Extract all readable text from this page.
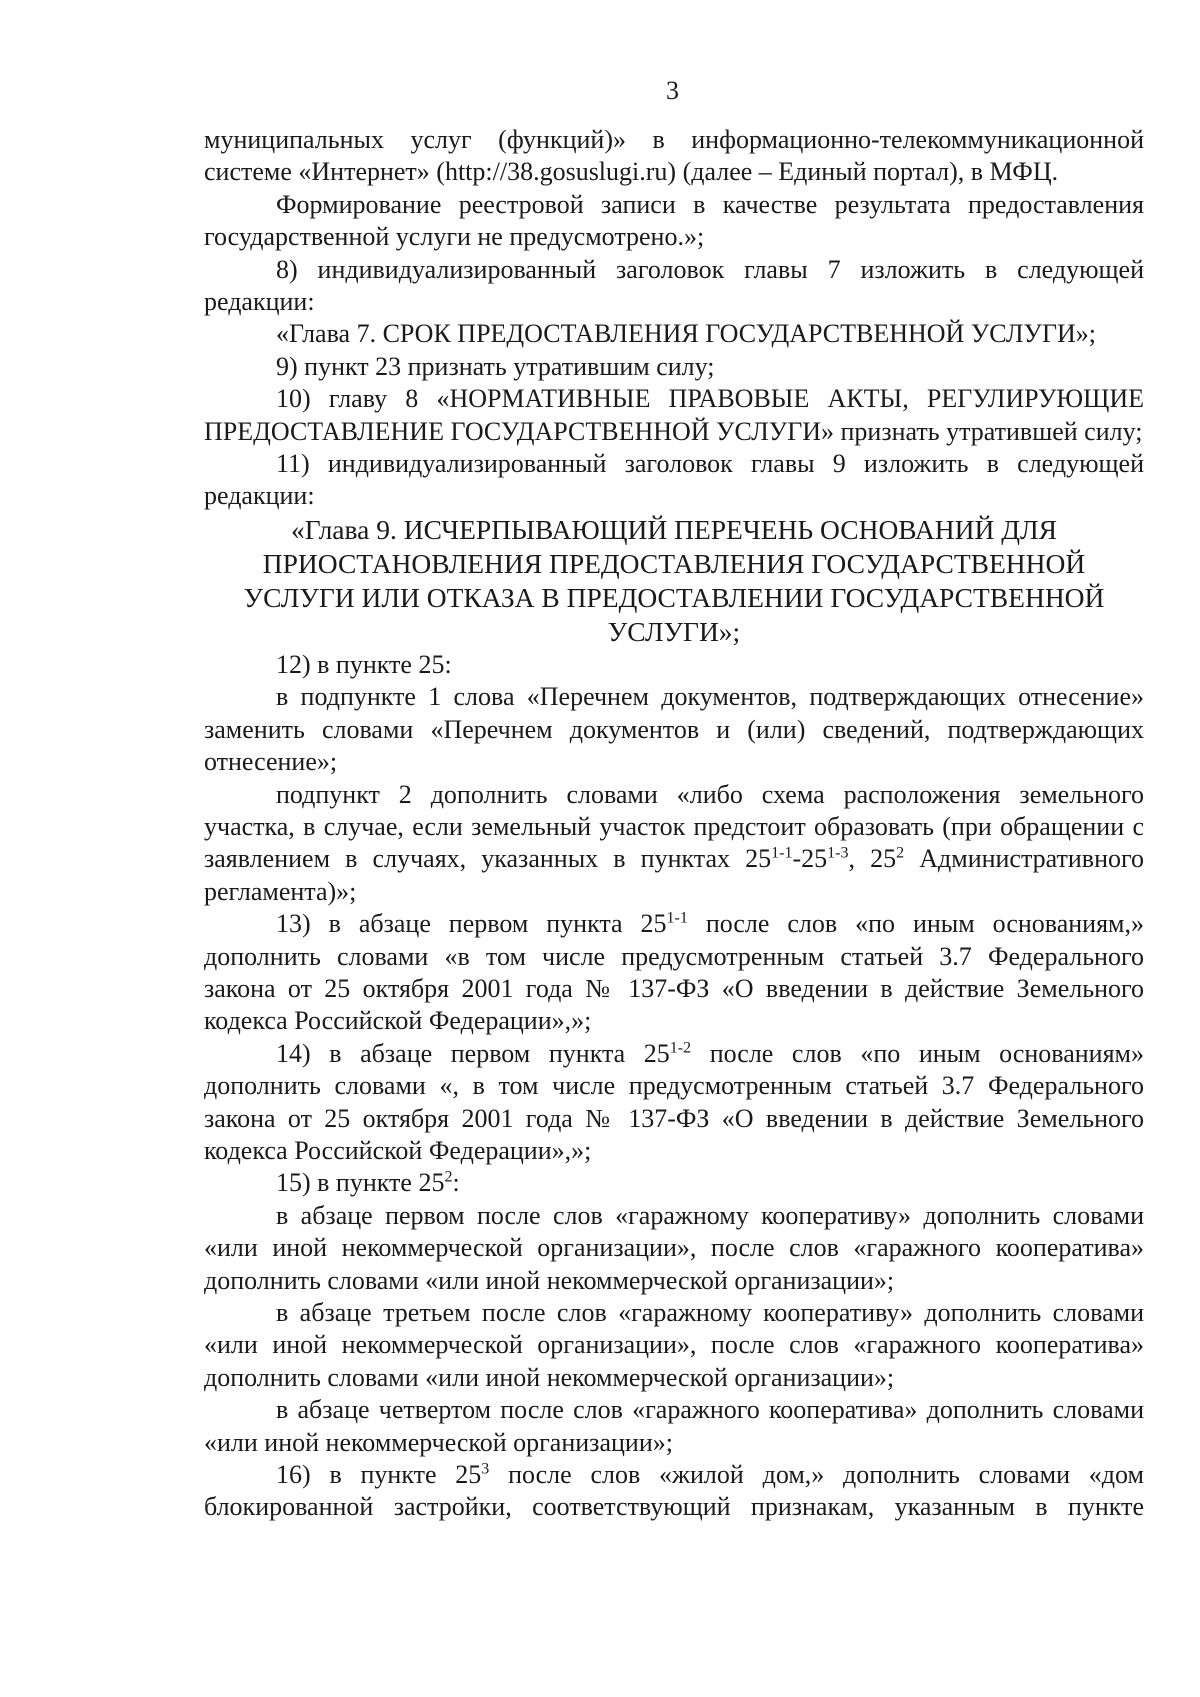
3

муниципальных услуг (функций)» в информационно-телекоммуникационной системе «Интернет» (http://38.gosuslugi.ru) (далее – Единый портал), в МФЦ.

Формирование реестровой записи в качестве результата предоставления государственной услуги не предусмотрено.»;

8) индивидуализированный заголовок главы 7 изложить в следующей редакции:

«Глава 7. СРОК ПРЕДОСТАВЛЕНИЯ ГОСУДАРСТВЕННОЙ УСЛУГИ»;

9) пункт 23 признать утратившим силу;

10) главу 8 «НОРМАТИВНЫЕ ПРАВОВЫЕ АКТЫ, РЕГУЛИРУЮЩИЕ ПРЕДОСТАВЛЕНИЕ ГОСУДАРСТВЕННОЙ УСЛУГИ» признать утратившей силу;

11) индивидуализированный заголовок главы 9 изложить в следующей редакции:

«Глава 9. ИСЧЕРПЫВАЮЩИЙ ПЕРЕЧЕНЬ ОСНОВАНИЙ ДЛЯ ПРИОСТАНОВЛЕНИЯ ПРЕДОСТАВЛЕНИЯ ГОСУДАРСТВЕННОЙ УСЛУГИ ИЛИ ОТКАЗА В ПРЕДОСТАВЛЕНИИ ГОСУДАРСТВЕННОЙ УСЛУГИ»;

12) в пункте 25:

в подпункте 1 слова «Перечнем документов, подтверждающих отнесение» заменить словами «Перечнем документов и (или) сведений, подтверждающих отнесение»;

подпункт 2 дополнить словами «либо схема расположения земельного участка, в случае, если земельный участок предстоит образовать (при обращении с заявлением в случаях, указанных в пунктах 25$^{1-1}$-25$^{1-3}$, $25^2$ Административного регламента)»;

13) в абзаце первом пункта 25$^{1-1}$ после слов «по иным основаниям,» дополнить словами «в том числе предусмотренным статьей 3.7 Федерального закона от 25 октября 2001 года № 137-ФЗ «О введении в действие Земельного кодекса Российской Федерации»,»;

14) в абзаце первом пункта 25$^{1-2}$ после слов «по иным основаниям» дополнить словами «, в том числе предусмотренным статьей 3.7 Федерального закона от 25 октября 2001 года № 137-ФЗ «О введении в действие Земельного кодекса Российской Федерации»,»;

15) в пункте $25^2$:

в абзаце первом после слов «гаражному кооперативу» дополнить словами «или иной некоммерческой организации», после слов «гаражного кооператива» дополнить словами «или иной некоммерческой организации»;

в абзаце третьем после слов «гаражному кооперативу» дополнить словами «или иной некоммерческой организации», после слов «гаражного кооператива» дополнить словами «или иной некоммерческой организации»;

в абзаце четвертом после слов «гаражного кооператива» дополнить словами «или иной некоммерческой организации»;

16) в пункте $25^3$ после слов «жилой дом,» дополнить словами «дом блокированной застройки, соответствующий признакам, указанным в пункте
